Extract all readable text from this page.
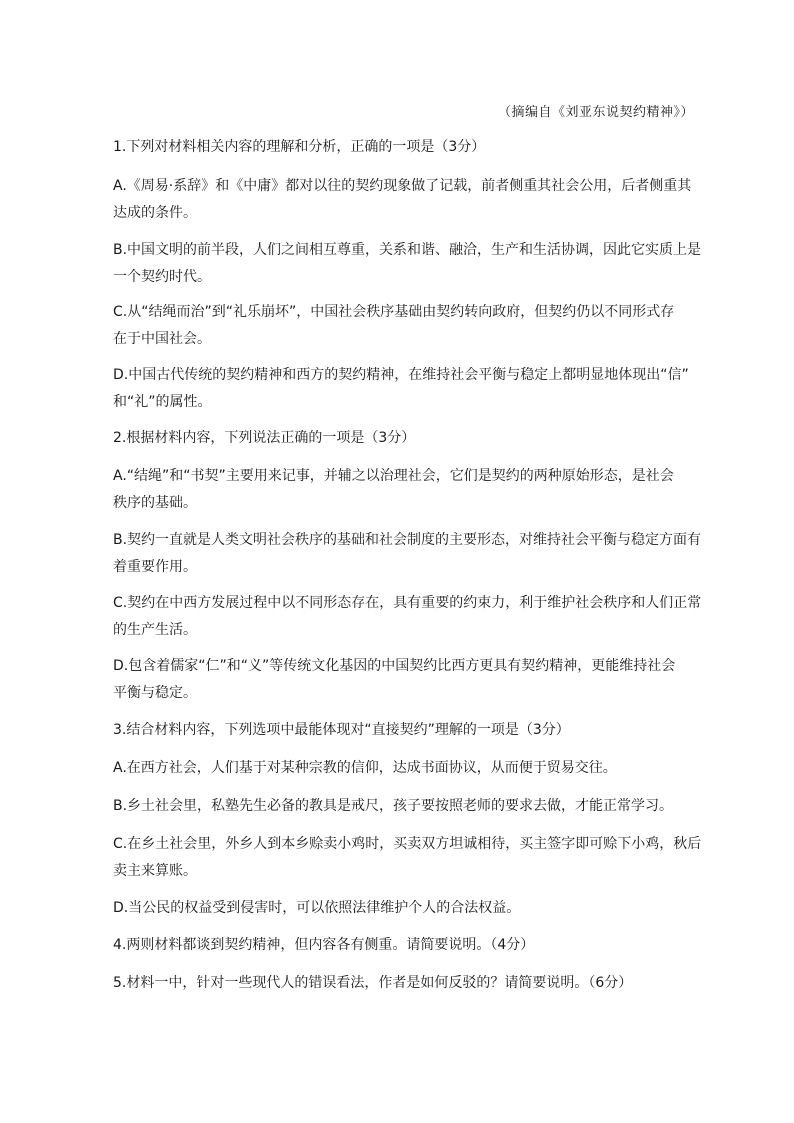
（摘编自《刘亚东说契约精神》）
1.下列对材料相关内容的理解和分析，正确的一项是（3分）
A.《周易·系辞》和《中庸》都对以往的契约现象做了记载，前者侧重其社会公用，后者侧重其
达成的条件。
B.中国文明的前半段，人们之间相互尊重，关系和谐、融洽，生产和生活协调，因此它实质上是
一个契约时代。
C.从“结绳而治”到“礼乐崩坏”，中国社会秩序基础由契约转向政府，但契约仍以不同形式存
在于中国社会。
D.中国古代传统的契约精神和西方的契约精神，在维持社会平衡与稳定上都明显地体现出“信”
和“礼”的属性。
2.根据材料内容，下列说法正确的一项是（3分）
A.“结绳”和“书契”主要用来记事，并辅之以治理社会，它们是契约的两种原始形态，是社会
秩序的基础。
B.契约一直就是人类文明社会秩序的基础和社会制度的主要形态，对维持社会平衡与稳定方面有
着重要作用。
C.契约在中西方发展过程中以不同形态存在，具有重要的约束力，利于维护社会秩序和人们正常
的生产生活。
D.包含着儒家“仁”和“义”等传统文化基因的中国契约比西方更具有契约精神，更能维持社会
平衡与稳定。
3.结合材料内容，下列选项中最能体现对“直接契约”理解的一项是（3分）
A.在西方社会，人们基于对某种宗教的信仰，达成书面协议，从而便于贸易交往。
B.乡土社会里，私塾先生必备的教具是戒尺，孩子要按照老师的要求去做，才能正常学习。
C.在乡土社会里，外乡人到本乡赊卖小鸡时，买卖双方坦诚相待，买主签字即可赊下小鸡，秋后
卖主来算账。
D.当公民的权益受到侵害时，可以依照法律维护个人的合法权益。
4.两则材料都谈到契约精神，但内容各有侧重。请简要说明。（4分）
5.材料一中，针对一些现代人的错误看法，作者是如何反驳的？请简要说明。（6分）
